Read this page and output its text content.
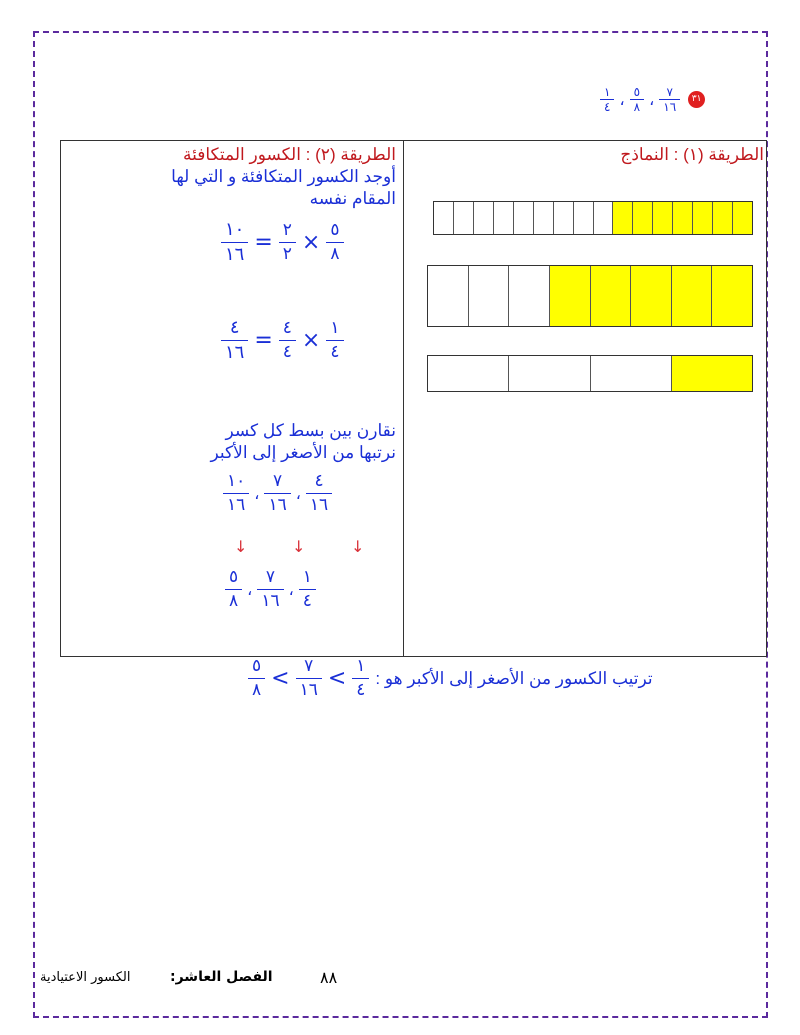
$\frac{١}{٤}$ ، $\frac{٥}{٨}$ ، $\frac{٧}{١٦}$	٣١
الطريقة (١) : النماذج
الطريقة (٢) : الكسور المتكافئة
أوجد الكسور المتكافئة و التي لها
المقام نفسه
$\frac{١٠}{١٦} = \frac{٢}{٢} \times \frac{٥}{٨}$
$\frac{٤}{١٦} = \frac{٤}{٤} \times \frac{١}{٤}$
نقارن بين بسط كل كسر
نرتبها من الأصغر إلى الأكبر
$\frac{١٠}{١٦}$ ، $\frac{٧}{١٦}$ ، $\frac{٤}{١٦}$
↓	↓	↓
$\frac{٥}{٨}$ ، $\frac{٧}{١٦}$ ، $\frac{١}{٤}$
$\frac{٥}{٨} < \frac{٧}{١٦} < \frac{١}{٤}$ ترتيب الكسور من الأصغر إلى الأكبر هو :
الكسور الاعتيادية	الفصل العاشر:	٨٨
